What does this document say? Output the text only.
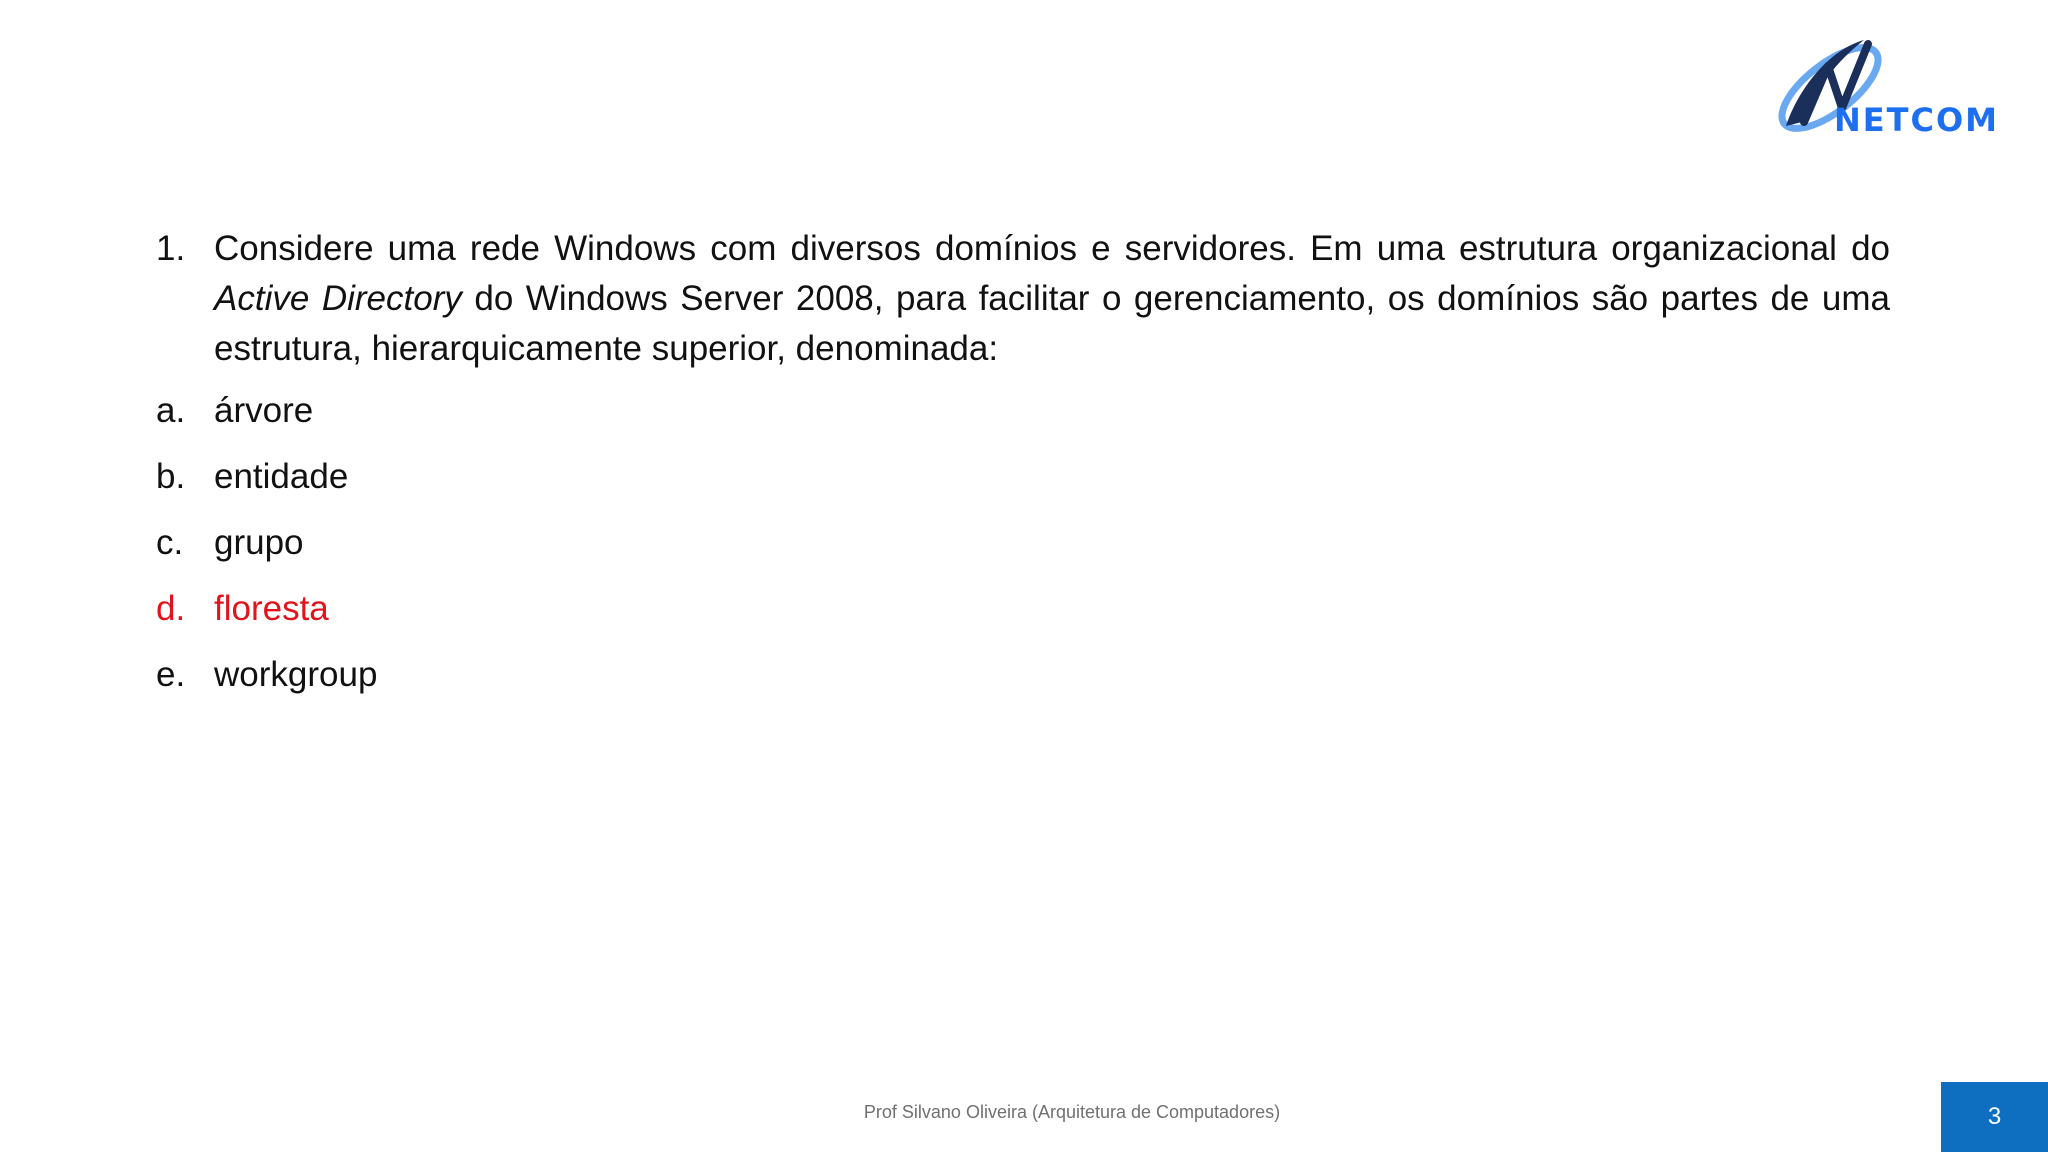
NETCOM
1. Considere uma rede Windows com diversos domínios e servidores. Em uma estrutura organizacional do Active Directory do Windows Server 2008, para facilitar o gerenciamento, os domínios são partes de uma estrutura, hierarquicamente superior, denominada:
a. árvore
b. entidade
c. grupo
d. floresta
e. workgroup
Prof Silvano Oliveira (Arquitetura de Computadores)	3
